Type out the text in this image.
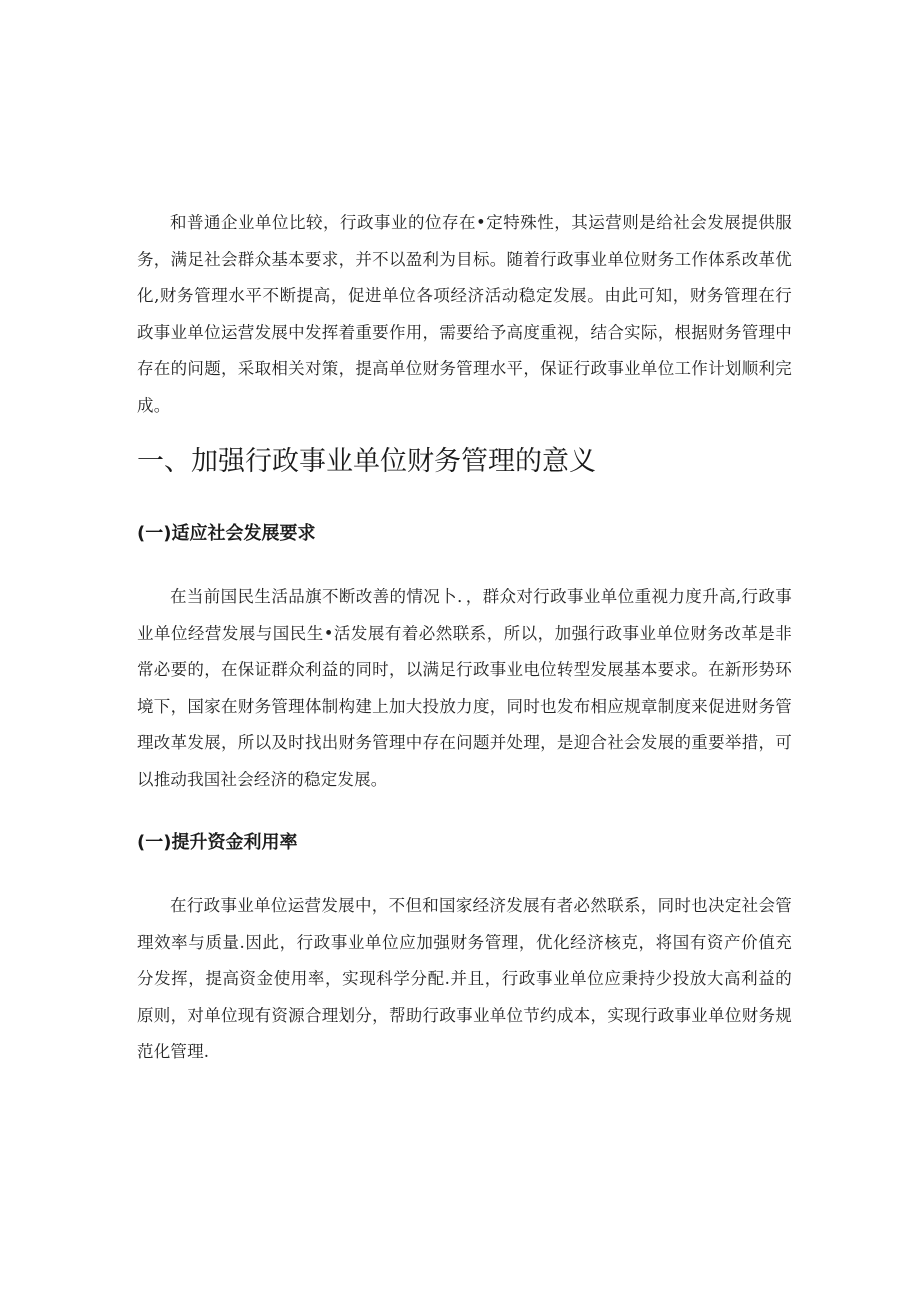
和普通企业单位比较，行政事业的位存在•定特殊性，其运营则是给社会发展提供服务，满足社会群众基本要求，并不以盈利为目标。随着行政事业单位财务工作体系改革优化,财务管理水平不断提高，促进单位各项经济活动稳定发展。由此可知，财务管理在行政事业单位运营发展中发挥着重要作用，需要给予高度重视，结合实际，根据财务管理中存在的问题，采取相关对策，提高单位财务管理水平，保证行政事业单位工作计划顺利完成。

一、加强行政事业单位财务管理的意义
(一)适应社会发展要求

在当前国民生活品旗不断改善的情况卜．，群众对行政事业单位重视力度升高,行政事业单位经营发展与国民生•活发展有着必然联系，所以，加强行政事业单位财务改革是非常必要的，在保证群众利益的同时，以满足行政事业电位转型发展基本要求。在新形势环境下，国家在财务管理体制构建上加大投放力度，同时也发布相应规章制度来促进财务管理改革发展，所以及时找出财务管理中存在问题并处理，是迎合社会发展的重要举措，可以推动我国社会经济的稳定发展。

(一)提升资金利用率

在行政事业单位运营发展中，不但和国家经济发展有者必然联系，同时也决定社会管理效率与质量.因此，行政事业单位应加强财务管理，优化经济核克，将国有资产价值充分发挥，提高资金使用率，实现科学分配.并且，行政事业单位应秉持少投放大高利益的原则，对单位现有资源合理划分，帮助行政事业单位节约成本，实现行政事业单位财务规范化管理.
